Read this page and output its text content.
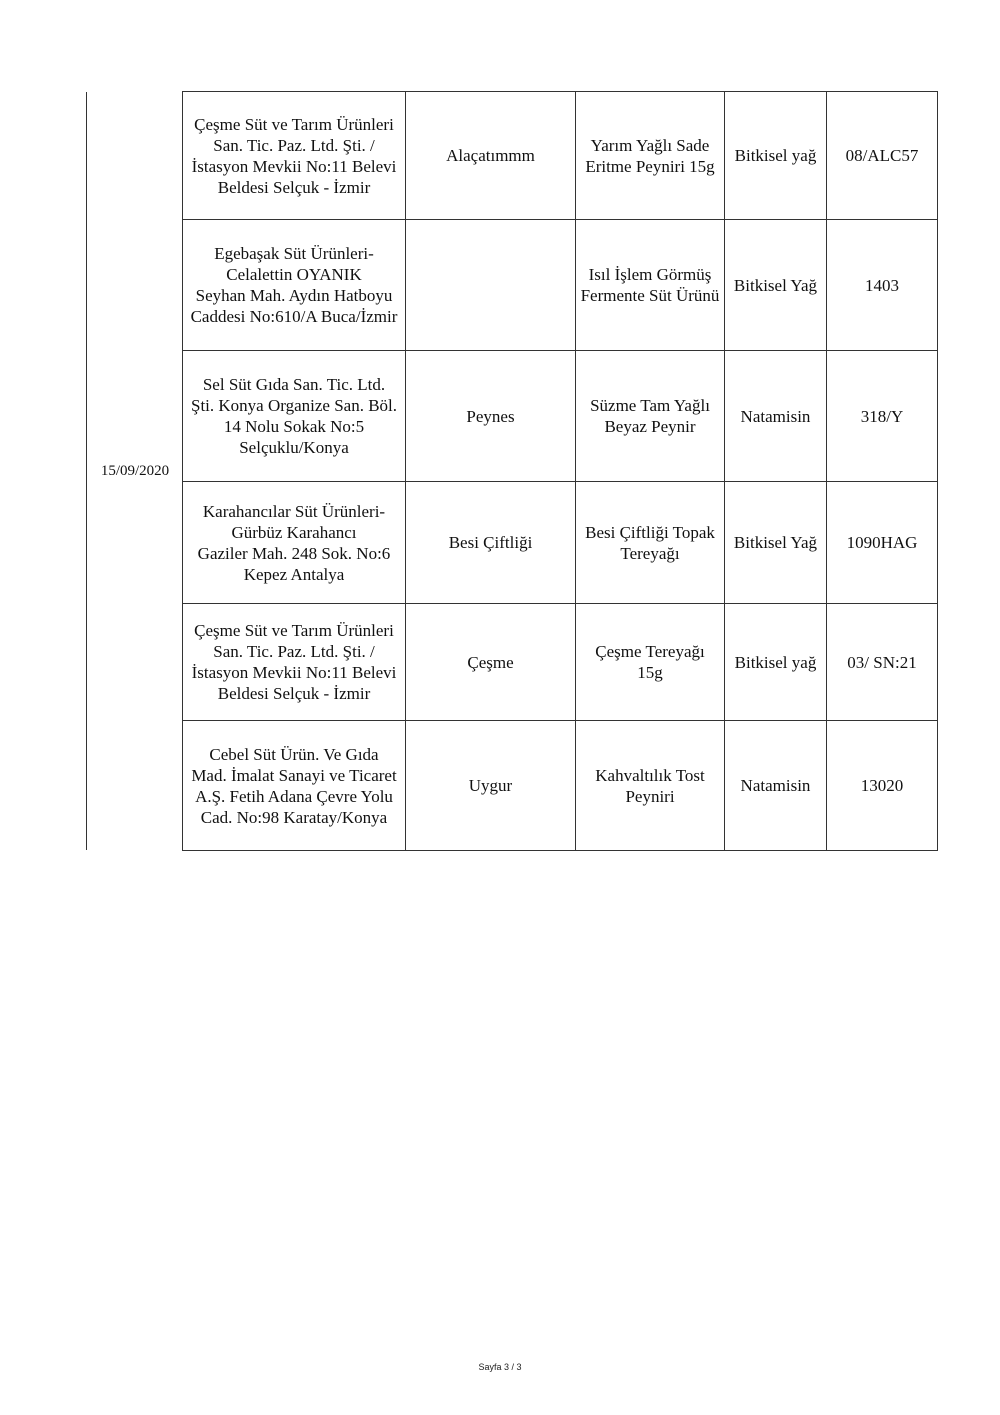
15/09/2020
Çeşme Süt ve Tarım Ürünleri
San. Tic. Paz. Ltd. Şti. /
İstasyon Mevkii No:11 Belevi
Beldesi Selçuk - İzmir	Alaçatımmm	Yarım Yağlı Sade
Eritme Peyniri 15g	Bitkisel yağ	08/ALC57

Egebaşak Süt Ürünleri-
Celalettin OYANIK
Seyhan Mah. Aydın Hatboyu
Caddesi No:610/A Buca/İzmir		Isıl İşlem Görmüş
Fermente Süt Ürünü	Bitkisel Yağ	1403

Sel Süt Gıda San. Tic. Ltd.
Şti. Konya Organize San. Böl.
14 Nolu Sokak No:5
Selçuklu/Konya	Peynes	Süzme Tam Yağlı
Beyaz Peynir	Natamisin	318/Y

Karahancılar Süt Ürünleri-
Gürbüz Karahancı
Gaziler Mah. 248 Sok. No:6
Kepez Antalya	Besi Çiftliği	Besi Çiftliği Topak
Tereyağı	Bitkisel Yağ	1090HAG

Çeşme Süt ve Tarım Ürünleri
San. Tic. Paz. Ltd. Şti. /
İstasyon Mevkii No:11 Belevi
Beldesi Selçuk - İzmir	Çeşme	Çeşme Tereyağı
15g	Bitkisel yağ	03/ SN:21

Cebel Süt Ürün. Ve Gıda
Mad. İmalat Sanayi ve Ticaret
A.Ş. Fetih Adana Çevre Yolu
Cad. No:98 Karatay/Konya	Uygur	Kahvaltılık Tost
Peyniri	Natamisin	13020
Sayfa 3 / 3
